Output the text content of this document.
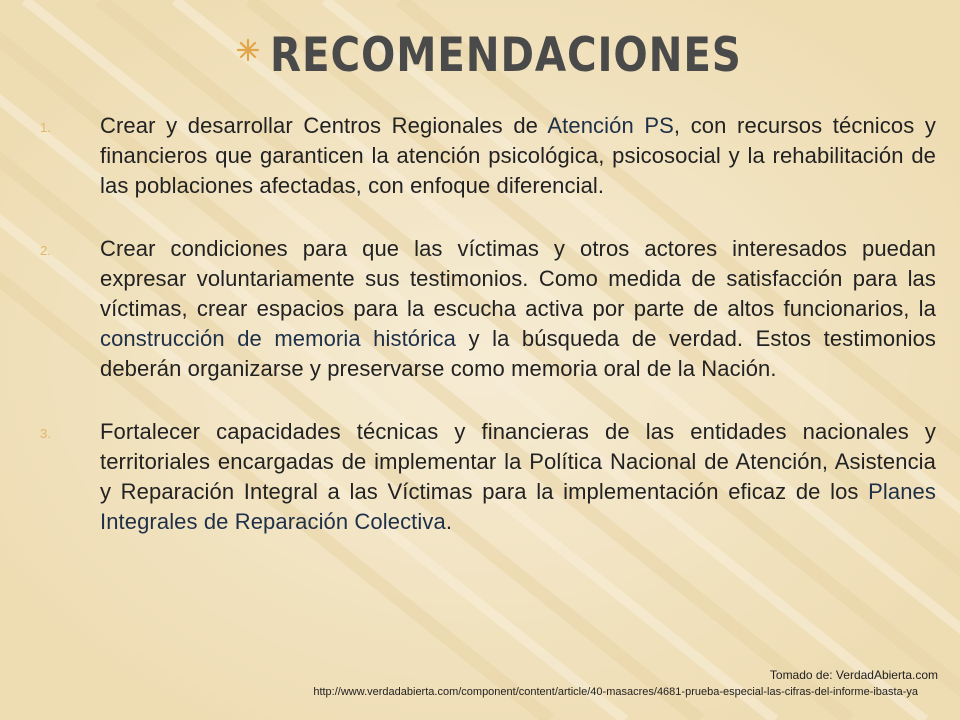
RECOMENDACIONES
1.	Crear y desarrollar Centros Regionales de Atención PS, con recursos técnicos y financieros que garanticen la atención psicológica, psicosocial y la rehabilitación de las poblaciones afectadas, con enfoque diferencial.
2.	Crear condiciones para que las víctimas y otros actores interesados puedan expresar voluntariamente sus testimonios. Como medida de satisfacción para las víctimas, crear espacios para la escucha activa por parte de altos funcionarios, la construcción de memoria histórica y la búsqueda de verdad. Estos testimonios deberán organizarse y preservarse como memoria oral de la Nación.
3.	Fortalecer capacidades técnicas y financieras de las entidades nacionales y territoriales encargadas de implementar la Política Nacional de Atención, Asistencia y Reparación Integral a las Víctimas para la implementación eficaz de los Planes Integrales de Reparación Colectiva.
Tomado de: VerdadAbierta.com
http://www.verdadabierta.com/component/content/article/40-masacres/4681-prueba-especial-las-cifras-del-informe-ibasta-ya
